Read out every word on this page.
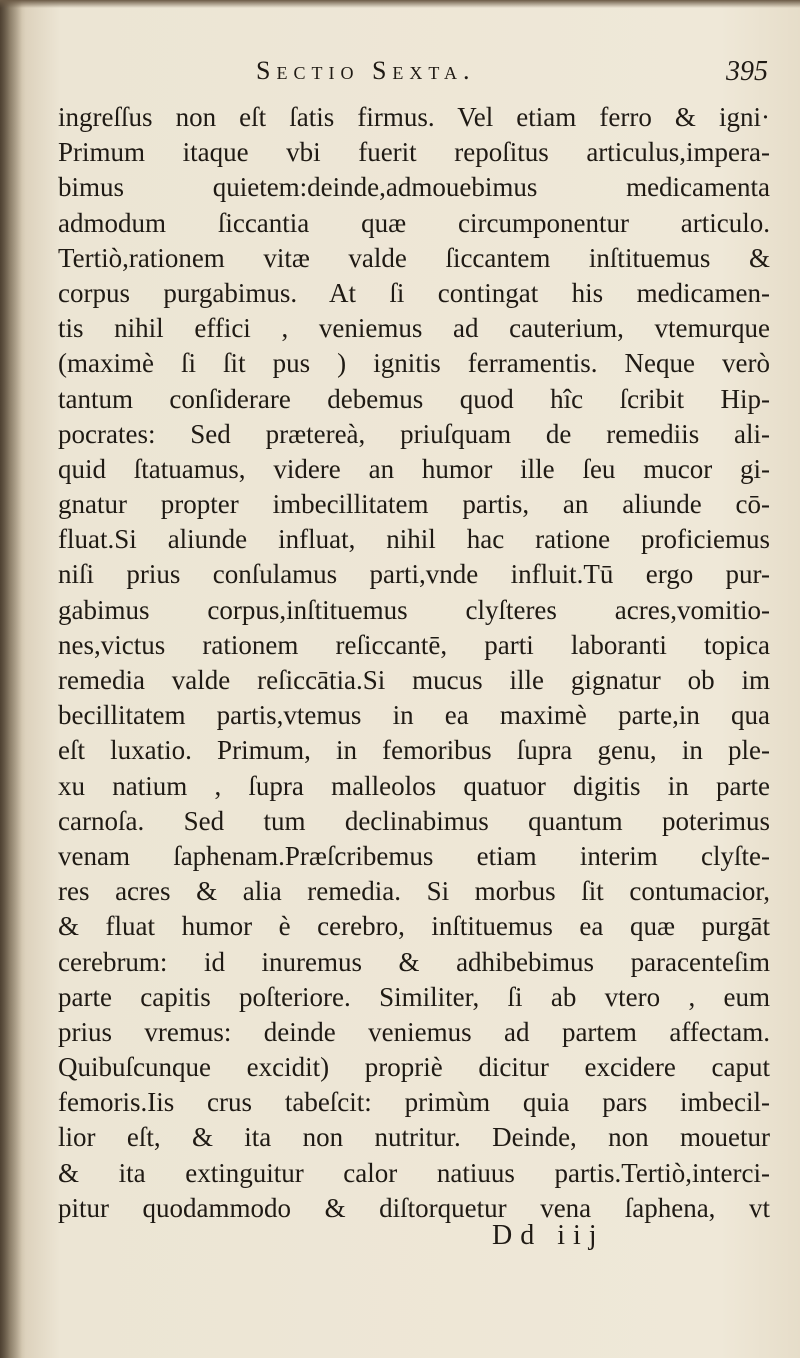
Sectio Sexta.	395
ingreſſus non eſt ſatis firmus. Vel etiam ferro & igni·
Primum itaque vbi fuerit repoſitus articulus,impera-
bimus quietem:deinde,admouebimus medicamenta
admodum ſiccantia quæ circumponentur articulo.
Tertiò,rationem vitæ valde ſiccantem inſtituemus &
corpus purgabimus. At ſi contingat his medicamen-
tis nihil effici , veniemus ad cauterium, vtemurque
(maximè ſi ſit pus ) ignitis ferramentis. Neque verò
tantum conſiderare debemus quod hîc ſcribit Hip-
pocrates: Sed prætereà, priuſquam de remediis ali-
quid ſtatuamus, videre an humor ille ſeu mucor gi-
gnatur propter imbecillitatem partis, an aliunde cō-
fluat.Si aliunde influat, nihil hac ratione proficiemus
niſi prius conſulamus parti,vnde influit.Tū ergo pur-
gabimus corpus,inſtituemus clyſteres acres,vomitio-
nes,victus rationem reſiccantē, parti laboranti topica
remedia valde reſiccātia.Si mucus ille gignatur ob im
becillitatem partis,vtemus in ea maximè parte,in qua
eſt luxatio. Primum, in femoribus ſupra genu, in ple-
xu natium , ſupra malleolos quatuor digitis in parte
carnoſa. Sed tum declinabimus quantum poterimus
venam ſaphenam.Præſcribemus etiam interim clyſte-
res acres & alia remedia. Si morbus ſit contumacior,
& fluat humor è cerebro, inſtituemus ea quæ purgāt
cerebrum: id inuremus & adhibebimus paracenteſim
parte capitis poſteriore. Similiter, ſi ab vtero , eum
prius vremus: deinde veniemus ad partem affectam.
Quibuſcunque excidit) propriè dicitur excidere caput
femoris.Iis crus tabeſcit: primùm quia pars imbecil-
lior eſt, & ita non nutritur. Deinde, non mouetur
& ita extinguitur calor natiuus partis.Tertiò,interci-
pitur quodammodo & diſtorquetur vena ſaphena, vt
Dd iij
